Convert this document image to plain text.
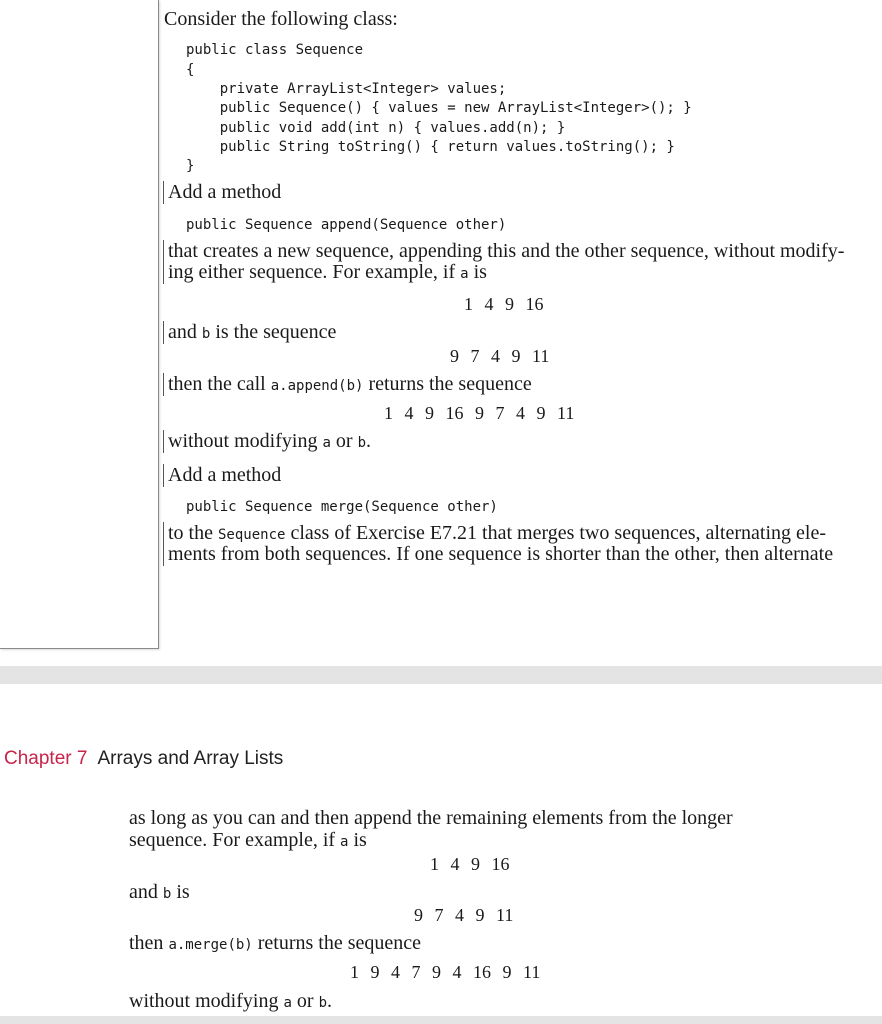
Consider the following class:
public class Sequence
{
private ArrayList<Integer> values;
public Sequence() { values = new ArrayList<Integer>(); }
public void add(int n) { values.add(n); }
public String toString() { return values.toString(); }
}
Add a method
public Sequence append(Sequence other)
that creates a new sequence, appending this and the other sequence, without modify-
ing either sequence. For example, if a is
1 4 9 16
and b is the sequence
9 7 4 9 11
then the call a.append(b) returns the sequence
1 4 9 16 9 7 4 9 11
without modifying a or b.
Add a method
public Sequence merge(Sequence other)
to the Sequence class of Exercise E7.21 that merges two sequences, alternating ele-
ments from both sequences. If one sequence is shorter than the other, then alternate
Chapter 7 Arrays and Array Lists
as long as you can and then append the remaining elements from the longer
sequence. For example, if a is
1 4 9 16
and b is
9 7 4 9 11
then a.merge(b) returns the sequence
1 9 4 7 9 4 16 9 11
without modifying a or b.
